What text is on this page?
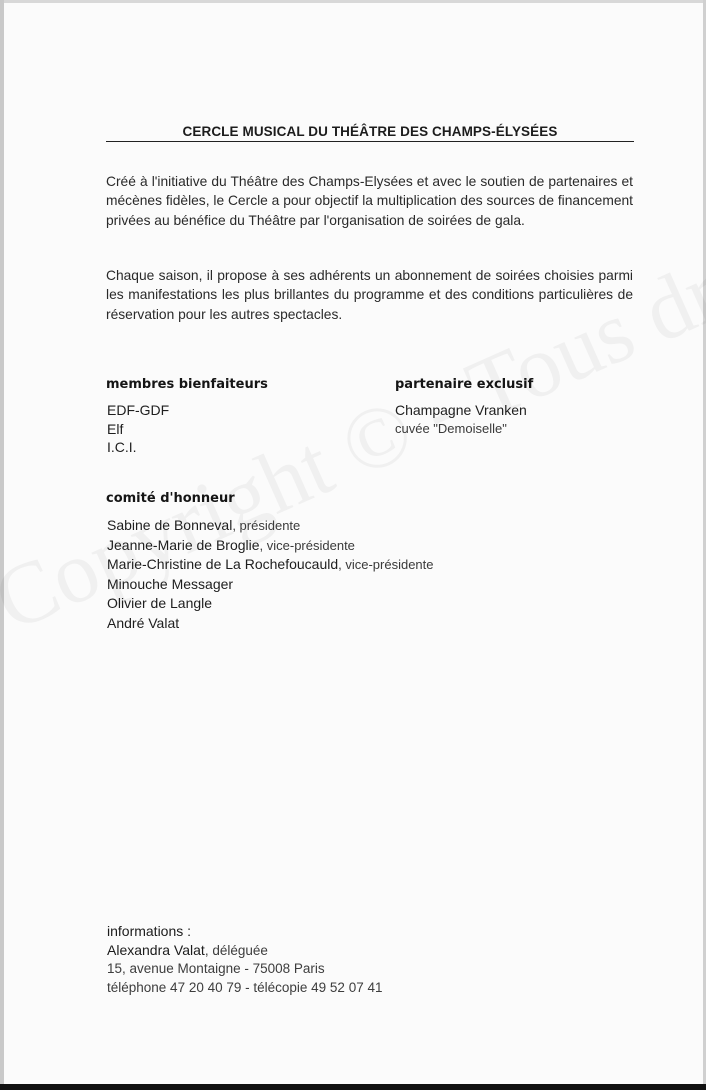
CERCLE MUSICAL DU THÉÂTRE DES CHAMPS-ÉLYSÉES
Créé à l'initiative du Théâtre des Champs-Elysées et avec le soutien de partenaires et mécènes fidèles, le Cercle a pour objectif la multiplication des sources de financement privées au bénéfice du Théâtre par l'organisation de soirées de gala.
Chaque saison, il propose à ses adhérents un abonnement de soirées choisies parmi les manifestations les plus brillantes du programme et des conditions particulières de réservation pour les autres spectacles.
membres bienfaiteurs
EDF-GDF
Elf
I.C.I.
partenaire exclusif
Champagne Vranken
cuvée "Demoiselle"
comité d'honneur
Sabine de Bonneval, présidente
Jeanne-Marie de Broglie, vice-présidente
Marie-Christine de La Rochefoucauld, vice-présidente
Minouche Messager
Olivier de Langle
André Valat
informations :
Alexandra Valat, déléguée
15, avenue Montaigne - 75008 Paris
téléphone 47 20 40 79 - télécopie 49 52 07 41
